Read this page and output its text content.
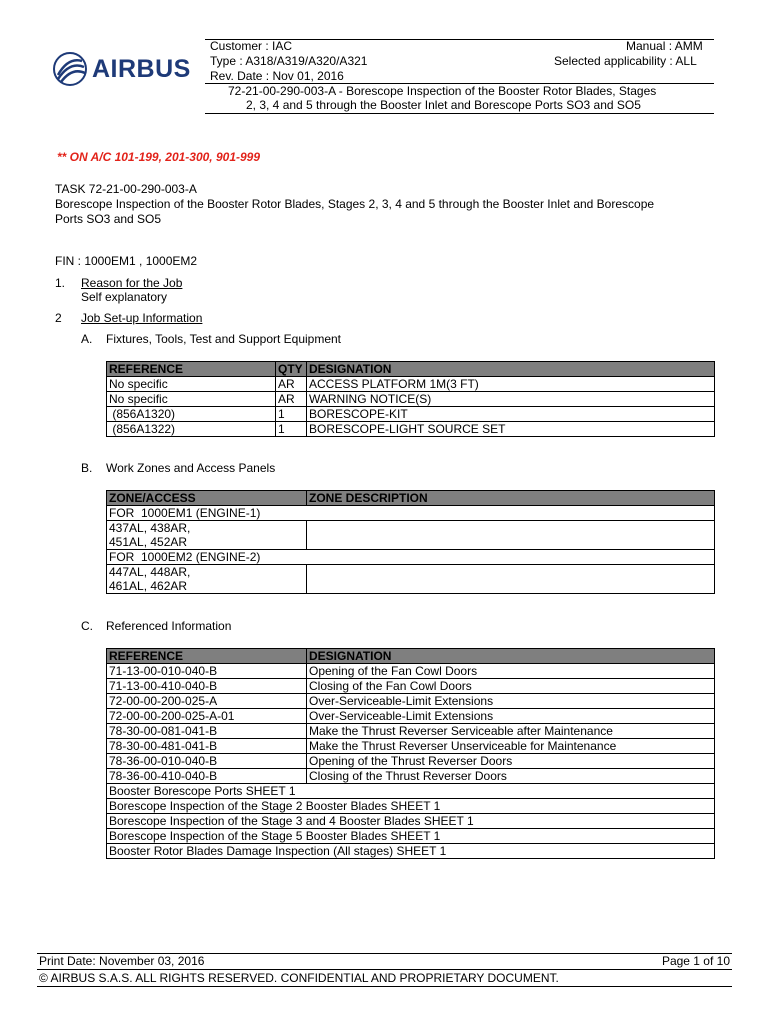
AIRBUS
Customer : IAC	Manual : AMM
Type : A318/A319/A320/A321	Selected applicability : ALL
Rev. Date : Nov 01, 2016
72-21-00-290-003-A - Borescope Inspection of the Booster Rotor Blades, Stages
2, 3, 4 and 5 through the Booster Inlet and Borescope Ports SO3 and SO5
** ON A/C 101-199, 201-300, 901-999
TASK 72-21-00-290-003-A
Borescope Inspection of the Booster Rotor Blades, Stages 2, 3, 4 and 5 through the Booster Inlet and Borescope
Ports SO3 and SO5
FIN : 1000EM1 , 1000EM2
1. Reason for the Job
Self explanatory
2 Job Set-up Information
A. Fixtures, Tools, Test and Support Equipment
REFERENCE	QTY	DESIGNATION
No specific	AR	ACCESS PLATFORM 1M(3 FT)
No specific	AR	WARNING NOTICE(S)
(856A1320)	1	BORESCOPE-KIT
(856A1322)	1	BORESCOPE-LIGHT SOURCE SET
B. Work Zones and Access Panels
ZONE/ACCESS	ZONE DESCRIPTION
FOR  1000EM1 (ENGINE-1)	

437AL, 438AR,
451AL, 452AR	

FOR  1000EM2 (ENGINE-2)	

447AL, 448AR,
461AL, 462AR	

C. Referenced Information
REFERENCE	DESIGNATION
71-13-00-010-040-B	Opening of the Fan Cowl Doors
71-13-00-410-040-B	Closing of the Fan Cowl Doors
72-00-00-200-025-A	Over-Serviceable-Limit Extensions
72-00-00-200-025-A-01	Over-Serviceable-Limit Extensions
78-30-00-081-041-B	Make the Thrust Reverser Serviceable after Maintenance
78-30-00-481-041-B	Make the Thrust Reverser Unserviceable for Maintenance
78-36-00-010-040-B	Opening of the Thrust Reverser Doors
78-36-00-410-040-B	Closing of the Thrust Reverser Doors
Booster Borescope Ports SHEET 1	
Borescope Inspection of the Stage 2 Booster Blades SHEET 1	
Borescope Inspection of the Stage 3 and 4 Booster Blades SHEET 1	
Borescope Inspection of the Stage 5 Booster Blades SHEET 1	
Booster Rotor Blades Damage Inspection (All stages) SHEET 1	
Print Date: November 03, 2016	Page 1 of 10
© AIRBUS S.A.S. ALL RIGHTS RESERVED. CONFIDENTIAL AND PROPRIETARY DOCUMENT.
